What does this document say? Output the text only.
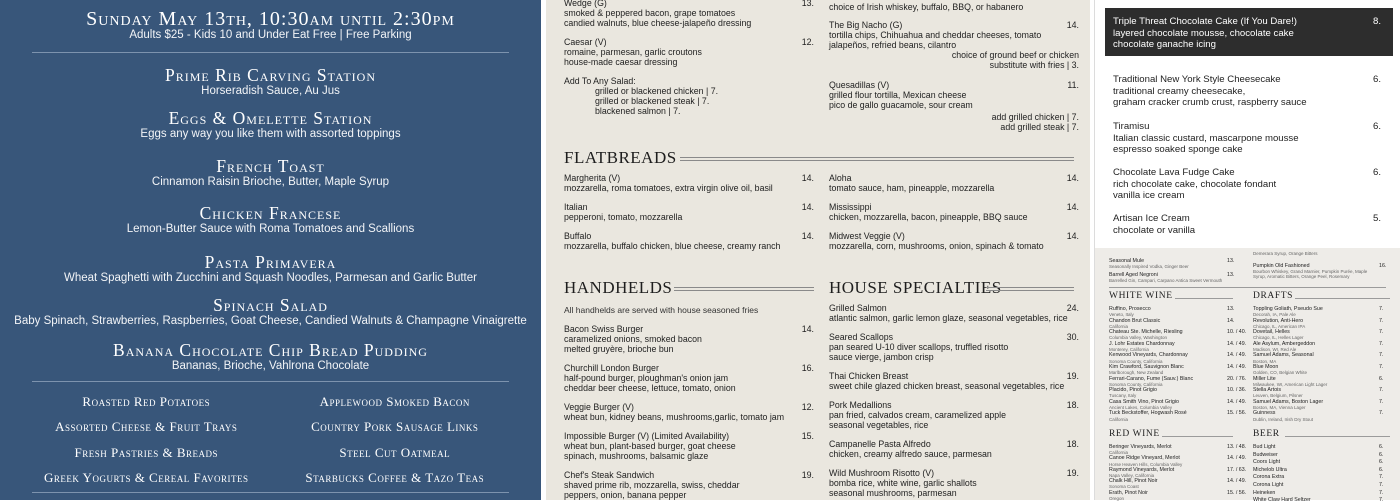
Sunday May 13th, 10:30am until 2:30pm
Adults $25 - Kids 10 and Under Eat Free | Free Parking
Prime Rib Carving Station
Horseradish Sauce, Au Jus
Eggs & Omelette Station
Eggs any way you like them with assorted toppings
French Toast
Cinnamon Raisin Brioche, Butter, Maple Syrup
Chicken Francese
Lemon-Butter Sauce with Roma Tomatoes and Scallions
Pasta Primavera
Wheat Spaghetti with Zucchini and Squash Noodles, Parmesan and Garlic Butter
Spinach Salad
Baby Spinach, Strawberries, Raspberries, Goat Cheese, Candied Walnuts & Champagne Vinaigrette
Banana Chocolate Chip Bread Pudding
Bananas, Brioche, Vahlrona Chocolate
Roasted Red Potatoes	Applewood Smoked Bacon
Assorted Cheese & Fruit Trays	Country Pork Sausage Links
Fresh Pastries & Breads	Steel Cut Oatmeal
Greek Yogurts & Cereal Favorites	Starbucks Coffee & Tazo Teas
Wedge (G)	13.
smoked & peppered bacon, grape tomatoes
candied walnuts, blue cheese-jalapeño dressing
Caesar (V)	12.
romaine, parmesan, garlic croutons
house-made caesar dressing
Add To Any Salad:
grilled or blackened chicken | 7.
grilled or blackened steak | 7.
blackened salmon | 7.
choice of Irish whiskey, buffalo, BBQ, or habanero
The Big Nacho (G)	14.
tortilla chips, Chihuahua and cheddar cheeses, tomato
jalapeños, refried beans, cilantro
choice of ground beef or chicken
substitute with fries | 3.
Quesadillas (V)	11.
grilled flour tortilla, Mexican cheese
pico de gallo guacamole, sour cream
add grilled chicken | 7.
add grilled steak | 7.
FLATBREADS
Margherita (V)	14.
mozzarella, roma tomatoes, extra virgin olive oil, basil
Italian	14.
pepperoni, tomato, mozzarella
Buffalo	14.
mozzarella, buffalo chicken, blue cheese, creamy ranch
Aloha	14.
tomato sauce, ham, pineapple, mozzarella
Mississippi	14.
chicken, mozzarella, bacon, pineapple, BBQ sauce
Midwest Veggie (V)	14.
mozzarella, corn, mushrooms, onion, spinach & tomato
HANDHELDS
All handhelds are served with house seasoned fries
Bacon Swiss Burger	14.
caramelized onions, smoked bacon
melted gruyère, brioche bun
Churchill London Burger	16.
half-pound burger, ploughman's onion jam
cheddar beer cheese, lettuce, tomato, onion
Veggie Burger (V)	12.
wheat bun, kidney beans, mushrooms,garlic, tomato jam
Impossible Burger (V) (Limited Availability)	15.
wheat bun, plant-based burger, goat cheese
spinach, mushrooms, balsamic glaze
Chef's Steak Sandwich	19.
shaved prime rib, mozzarella, swiss, cheddar
peppers, onion, banana pepper
HOUSE SPECIALTIES
Grilled Salmon	24.
atlantic salmon, garlic lemon glaze, seasonal vegetables, rice
Seared Scallops	30.
pan seared U-10 diver scallops, truffled risotto
sauce vierge, jambon crisp
Thai Chicken Breast	19.
sweet chile glazed chicken breast, seasonal vegetables, rice
Pork Medallions	18.
pan fried, calvados cream, caramelized apple
seasonal vegetables, rice
Campanelle Pasta Alfredo	18.
chicken, creamy alfredo sauce, parmesan
Wild Mushroom Risotto (V)	19.
bomba rice, white wine, garlic shallots
seasonal mushrooms, parmesan
Triple Threat Chocolate Cake (If You Dare!)	8.
layered chocolate mousse, chocolate cake
chocolate ganache icing
Traditional New York Style Cheesecake	6.
traditional creamy cheesecake,
graham cracker crumb crust, raspberry sauce
Tiramisu	6.
Italian classic custard, mascarpone mousse
espresso soaked sponge cake
Chocolate Lava Fudge Cake	6.
rich chocolate cake, chocolate fondant
vanilla ice cream
Artisan Ice Cream	5.
chocolate or vanilla
Seasonal Mule	13.
Seasonally Inspired Vodka, Ginger Beer
Barrell Aged Negroni	13.
Barrelled Gin, Campari, Carpano Antica Sweet Vermouth
Demerara Syrup, Orange Bitters
Pumpkin Old Fashioned	16.
Bourbon Whiskey, Grand Marnier, Pumpkin Purée, Maple Syrup, Aromatic Bitters, Orange Peel, Rosemary
WHITE WINE
Ruffino, Prosecco	13.
Veneto, Italy
Chandon Brut Classic	14.
California
Chateau Ste. Michelle, Riesling	10. / 40.
Columbia Valley, Washington
J. Lohr Estates Chardonnay	14. / 49.
Monterey, California
Kenwood Vineyards, Chardonnay	14. / 49.
Sonoma County, California
Kim Crawford, Sauvignon Blanc	14. / 49.
Marlborough, New Zealand
Ferrari-Carano, Fume (Sauv.) Blanc	20. / 76.
Sonoma County, California
Placido, Pinot Grigio	10. / 36.
Tuscany, Italy
Casa Smith Vino, Pinot Grigio	14. / 49.
Ancient Lakes, Columbia Valley
Tuck Beckstoffer, Hogwash Rosé	15. / 56.
California
RED WINE
Beringer Vineyards, Merlot	13. / 48.
California
Canoe Ridge Vineyard, Merlot	14. / 49.
Horse Heaven Hills, Columbia Valley
Raymond Vineyards, Merlot	17. / 63.
Napa Valley, California
Chalk Hill, Pinot Noir	14. / 49.
Sonoma Coast
Erath, Pinot Noir	15. / 56.
Oregon
DRAFTS
Toppling Goliath, Pseudo Sue	7.
Decorah, IA, Pale Ale
Revolution, Anti-Hero	7.
Chicago, IL, American IPA
Dovetail, Helles	7.
Chicago, IL, Helles Lager
Ale Asylum, Ambergeddon	7.
Madison, WI, Red Ale
Samuel Adams, Seasonal	7.
Boston, MA
Blue Moon	7.
Golden, CO, Belgian White
Miller Lite	6.
Milwaukee, WI, American Light Lager
Stella Artois	7.
Leuven, Belgium, Pilsner
Samuel Adams, Boston Lager	7.
Boston, MA, Vienna Lager
Guinness	7.
Dublin, Ireland, Irish Dry Stout
BEER
Bud Light	6.
Budweiser	6.
Coors Light	6.
Michelob Ultra	6.
Corona Extra	7.
Corona Light	7.
Heineken	7.
White Claw Hard Seltzer	7.
